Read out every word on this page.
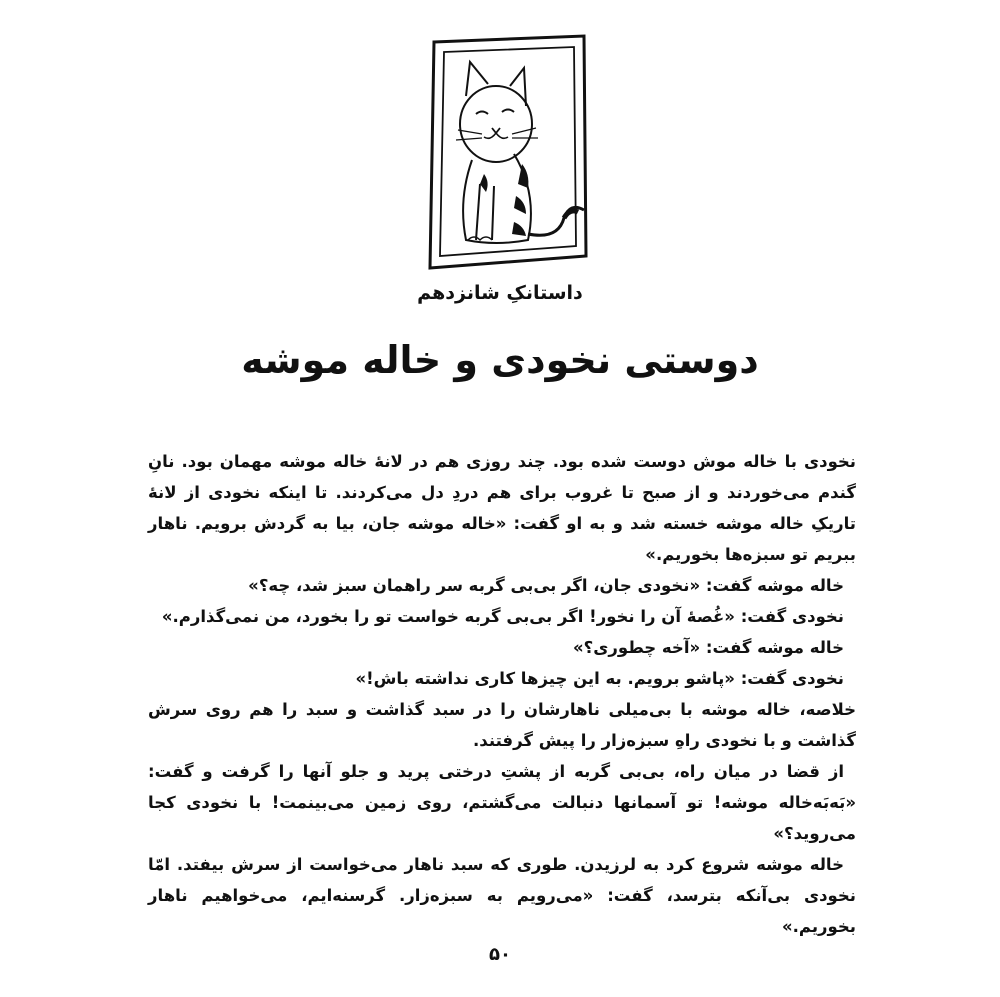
داستانکِ شانزدهم
دوستی نخودی و خاله موشه

نخودی با خاله موش دوست شده بود. چند روزی هم در لانهٔ خاله موشه مهمان بود. نانِ گندم می‌خوردند و از صبح تا غروب برای هم دردِ دل می‌کردند. تا اینکه نخودی از لانهٔ تاریکِ خاله موشه خسته شد و به او گفت: «خاله موشه جان، بیا به گردش برویم. ناهار ببریم تو سبزه‌ها بخوریم.»

خاله موشه گفت: «نخودی جان، اگر بی‌بی گربه سر راهمان سبز شد، چه؟»

نخودی گفت: «غُصهٔ آن را نخور! اگر بی‌بی گربه خواست تو را بخورد، من نمی‌گذارم.»

خاله موشه گفت: «آخه چطوری؟»

نخودی گفت: «پاشو برویم. به این چیزها کاری نداشته باش!»

خلاصه، خاله موشه با بی‌میلی ناهارشان را در سبد گذاشت و سبد را هم روی سرش گذاشت و با نخودی راهِ سبزه‌زار را پیش گرفتند.

از قضا در میان راه، بی‌بی گربه از پشتِ درختی پرید و جلو آنها را گرفت و گفت: «بَه‌بَه‌خاله موشه! تو آسمانها دنبالت می‌گشتم، روی زمین می‌بینمت! با نخودی کجا می‌روید؟»

خاله موشه شروع کرد به لرزیدن. طوری که سبد ناهار می‌خواست از سرش بیفتد. امّا نخودی بی‌آنکه بترسد، گفت: «می‌رویم به سبزه‌زار. گرسنه‌ایم، می‌خواهیم ناهار بخوریم.»

۵۰
